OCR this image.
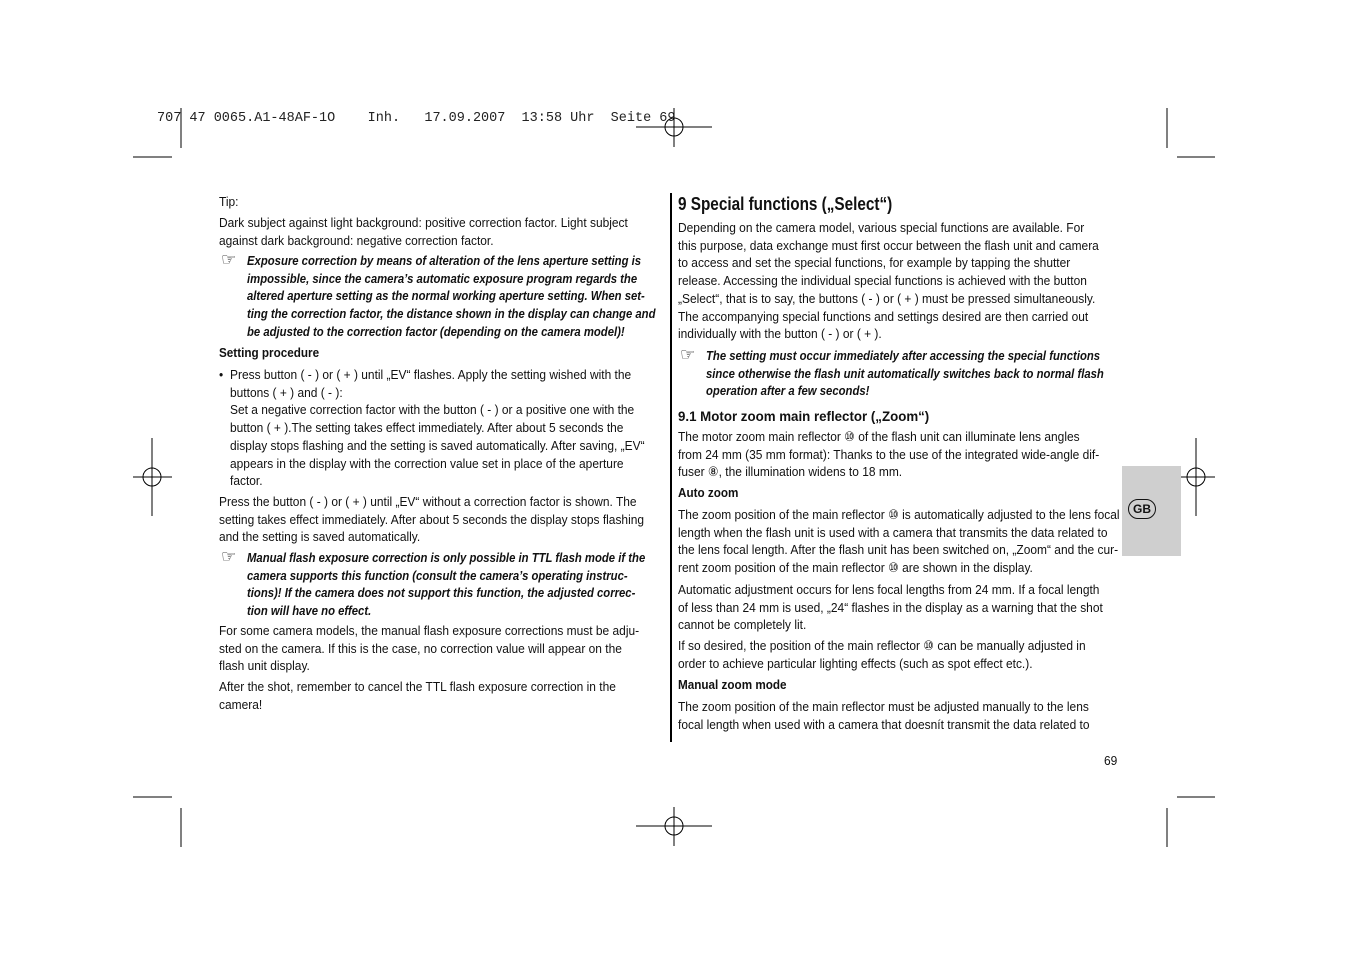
707 47 0065.A1-48AF-1O    Inh.   17.09.2007  13:58 Uhr  Seite 69

Tip:

Dark subject against light background: positive correction factor. Light subject
against dark background: negative correction factor.

☞

Exposure correction by means of alteration of the lens aperture setting is
impossible, since the camera’s automatic exposure program regards the
altered aperture setting as the normal working aperture setting. When set-
ting the correction factor, the distance shown in the display can change and
be adjusted to the correction factor (depending on the camera model)!

Setting procedure

• Press button ( - ) or ( + ) until „EV“ flashes. Apply the setting wished with the
buttons ( + ) and ( - ):
Set a negative correction factor with the button ( - ) or a positive one with the
button ( + ).The setting takes effect immediately. After about 5 seconds the
display stops flashing and the setting is saved automatically. After saving, „EV“
appears in the display with the correction value set in place of the aperture
factor.

Press the button ( - ) or ( + ) until „EV“ without a correction factor is shown. The
setting takes effect immediately. After about 5 seconds the display stops flashing
and the setting is saved automatically.

☞

Manual flash exposure correction is only possible in TTL flash mode if the
camera supports this function (consult the camera’s operating instruc-
tions)! If the camera does not support this function, the adjusted correc-
tion will have no effect.

For some camera models, the manual flash exposure corrections must be adju-
sted on the camera. If this is the case, no correction value will appear on the
flash unit display.

After the shot, remember to cancel the TTL flash exposure correction in the
camera!

9 Special functions („Select“)

Depending on the camera model, various special functions are available. For
this purpose, data exchange must first occur between the flash unit and camera
to access and set the special functions, for example by tapping the shutter
release. Accessing the individual special functions is achieved with the button
„Select“, that is to say, the buttons ( - ) or ( + ) must be pressed simultaneously.
The accompanying special functions and settings desired are then carried out
individually with the button ( - ) or ( + ).

☞

The setting must occur immediately after accessing the special functions
since otherwise the flash unit automatically switches back to normal flash
operation after a few seconds!

9.1 Motor zoom main reflector („Zoom“)

The motor zoom main reflector ⑩ of the flash unit can illuminate lens angles
from 24 mm (35 mm format): Thanks to the use of the integrated wide-angle dif-
fuser ⑧, the illumination widens to 18 mm.

Auto zoom

The zoom position of the main reflector ⑩ is automatically adjusted to the lens focal
length when the flash unit is used with a camera that transmits the data related to
the lens focal length. After the flash unit has been switched on, „Zoom“ and the cur-
rent zoom position of the main reflector ⑩ are shown in the display.

Automatic adjustment occurs for lens focal lengths from 24 mm. If a focal length
of less than 24 mm is used, „24“ flashes in the display as a warning that the shot
cannot be completely lit.

If so desired, the position of the main reflector ⑩ can be manually adjusted in
order to achieve particular lighting effects (such as spot effect etc.).

Manual zoom mode

The zoom position of the main reflector must be adjusted manually to the lens
focal length when used with a camera that doesnít transmit the data related to

GB

69
